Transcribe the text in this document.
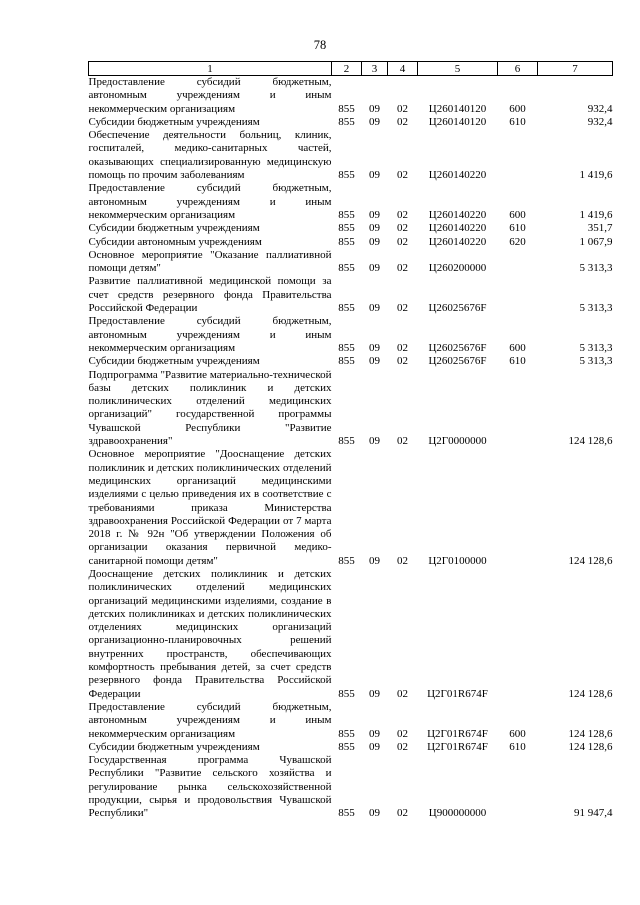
78
1	2	3	4	5	6	7
Предоставление субсидий бюджетным, автономным учреждениям и иным некоммерческим организациям	855	09	02	Ц260140120	600	932,4
Субсидии бюджетным учреждениям	855	09	02	Ц260140120	610	932,4
Обеспечение деятельности больниц, клиник, госпиталей, медико-санитарных частей, оказывающих специализированную медицинскую помощь по прочим заболеваниям	855	09	02	Ц260140220		1 419,6
Предоставление субсидий бюджетным, автономным учреждениям и иным некоммерческим организациям	855	09	02	Ц260140220	600	1 419,6
Субсидии бюджетным учреждениям	855	09	02	Ц260140220	610	351,7
Субсидии автономным учреждениям	855	09	02	Ц260140220	620	1 067,9
Основное мероприятие "Оказание паллиативной помощи детям"	855	09	02	Ц260200000		5 313,3
Развитие паллиативной медицинской помощи за счет средств резервного фонда Правительства Российской Федерации	855	09	02	Ц26025676F		5 313,3
Предоставление субсидий бюджетным, автономным учреждениям и иным некоммерческим организациям	855	09	02	Ц26025676F	600	5 313,3
Субсидии бюджетным учреждениям	855	09	02	Ц26025676F	610	5 313,3
Подпрограмма "Развитие материально-технической базы детских поликлиник и детских поликлинических отделений медицинских организаций" государственной программы Чувашской Республики "Развитие здравоохранения"	855	09	02	Ц2Г0000000		124 128,6
Основное мероприятие "Дооснащение детских поликлиник и детских поликлинических отделений медицинских организаций медицинскими изделиями с целью приведения их в соответствие с требованиями приказа Министерства здравоохранения Российской Федерации от 7 марта 2018 г. № 92н "Об утверждении Положения об организации оказания первичной медико-санитарной помощи детям"	855	09	02	Ц2Г0100000		124 128,6
Дооснащение детских поликлиник и детских поликлинических отделений медицинских организаций медицинскими изделиями, создание в детских поликлиниках и детских поликлинических отделениях медицинских организаций организационно-планировочных решений внутренних пространств, обеспечивающих комфортность пребывания детей, за счет средств резервного фонда Правительства Российской Федерации	855	09	02	Ц2Г01R674F		124 128,6
Предоставление субсидий бюджетным, автономным учреждениям и иным некоммерческим организациям	855	09	02	Ц2Г01R674F	600	124 128,6
Субсидии бюджетным учреждениям	855	09	02	Ц2Г01R674F	610	124 128,6
Государственная программа Чувашской Республики "Развитие сельского хозяйства и регулирование рынка сельскохозяйственной продукции, сырья и продовольствия Чувашской Республики"	855	09	02	Ц900000000		91 947,4
